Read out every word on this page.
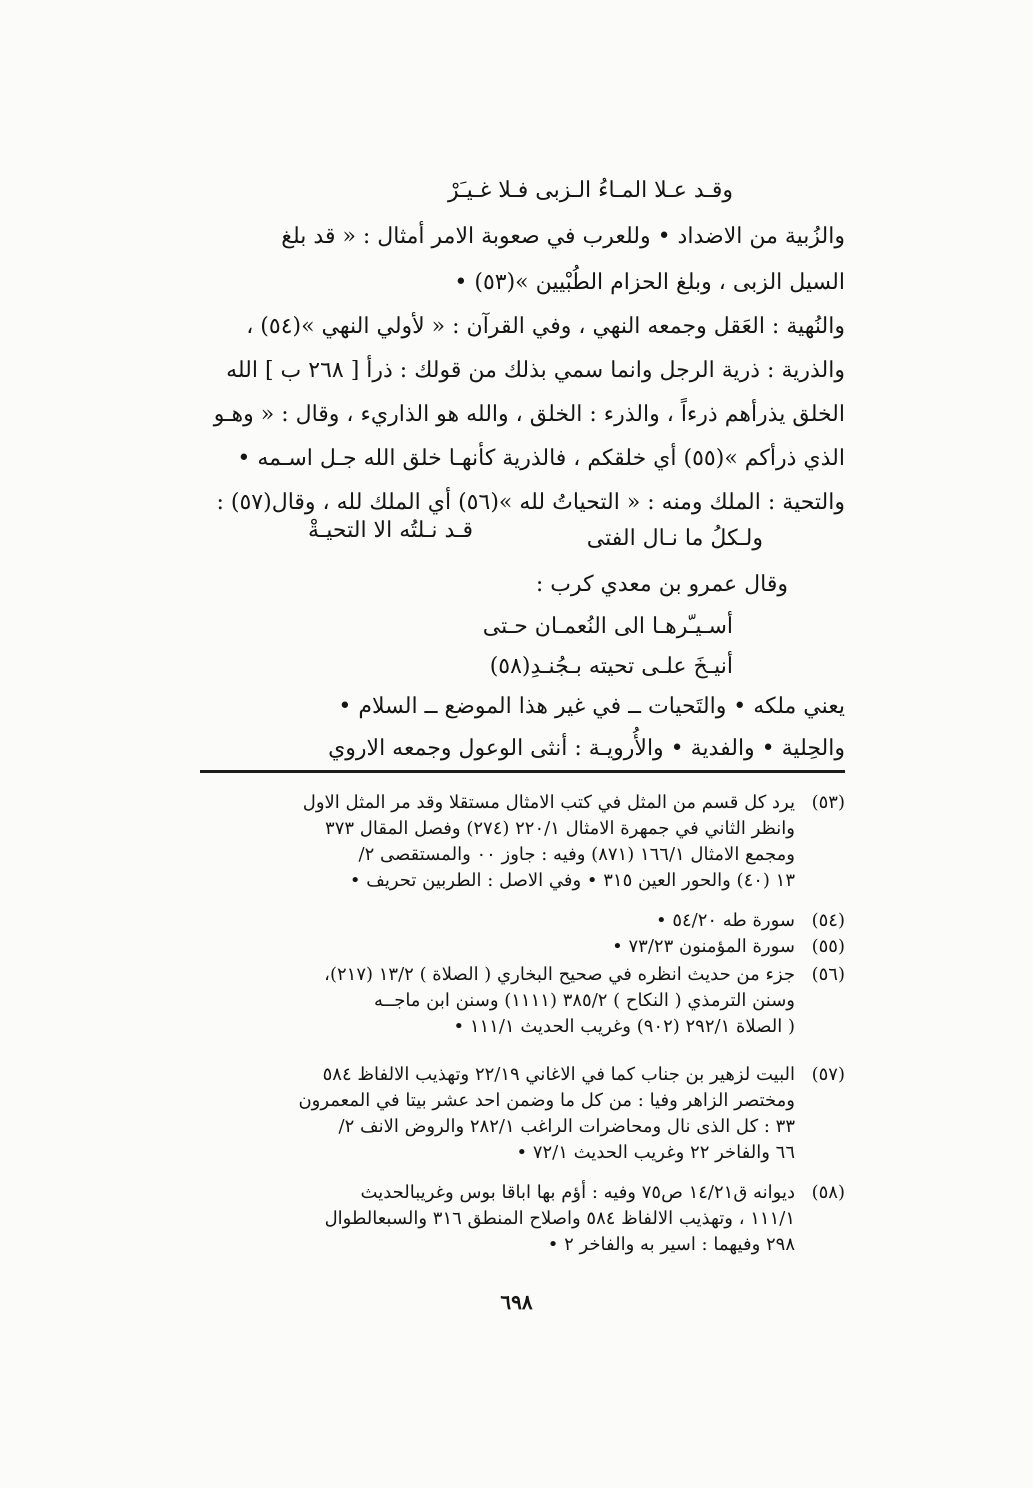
وقـد عـلا المـاءُ الـزبى فـلا غـيـَرْ
والزُبية من الاضداد • وللعرب في صعوبة الامر أمثال : « قد بلغ
السيل الزبى ، وبلغ الحزام الطُبْيين »(٥٣) •
والنُهية : العَقل وجمعه النهي ، وفي القرآن : « لأولي النهي »(٥٤) ،
والذرية : ذرية الرجل وانما سمي بذلك من قولك : ذرأ [ ٢٦٨ ب ] الله
الخلق يذرأهم ذرءاً ، والذرء : الخلق ، والله هو الذاريء ، وقال : « وهـو
الذي ذرأكم »(٥٥) أي خلقكم ، فالذرية كأنهـا خلق الله جـل اسـمه •
والتحية : الملك ومنه : « التحياتُ لله »(٥٦) أي الملك لله ، وقال(٥٧) :
ولـكلُ ما نـال الفتى
قـد نـلتُه الا التحيـةْ
وقال عمرو بن معدي كرب :
أسـيـّرهـا الى النُعمـان حـتى
أنيـخَ علـى تحيته بـجُنـدِ(٥٨)
يعني ملكه • والتَحيات ــ في غير هذا الموضع ــ السلام •
والحِلية • والفدية • والأُرويـة : أنثى الوعول وجمعه الاروي
(٥٣)
يرد كل قسم من المثل في كتب الامثال مستقلا وقد مر المثل الاول
وانظر الثاني في جمهرة الامثال ٢٢٠/١ (٢٧٤) وفصل المقال ٣٧٣
ومجمع الامثال ١٦٦/١ (٨٧١) وفيه : جاوز ٠٠ والمستقصى ٢/
١٣ (٤٠) والحور العين ٣١٥ • وفي الاصل : الطربين تحريف •
(٥٤)
سورة طه ٥٤/٢٠ •
(٥٥)
سورة المؤمنون ٧٣/٢٣ •
(٥٦)
جزء من حديث انظره في صحيح البخاري ( الصلاة ) ١٣/٢ (٢١٧)،
وسنن الترمذي ( النكاح ) ٣٨٥/٢ (١١١١) وسنن ابن ماجــه
( الصلاة ٢٩٢/١ (٩٠٢) وغريب الحديث ١١١/١ •
(٥٧)
البيت لزهير بن جناب كما في الاغاني ٢٢/١٩ وتهذيب الالفاظ ٥٨٤
ومختصر الزاهر وفيا : من كل ما وضمن احد عشر بيتا في المعمرون
٣٣ : كل الذى نال ومحاضرات الراغب ٢٨٢/١ والروض الانف ٢/
٦٦ والفاخر ٢٢ وغريب الحديث ٧٢/١ •
(٥٨)
ديوانه ق١٤/٢١ ص٧٥ وفيه : أؤم بها اباقا بوس وغريبالحديث
١١١/١ ، وتهذيب الالفاظ ٥٨٤ واصلاح المنطق ٣١٦ والسبعالطوال
٢٩٨ وفيهما : اسير به والفاخر ٢ •
٦٩٨
